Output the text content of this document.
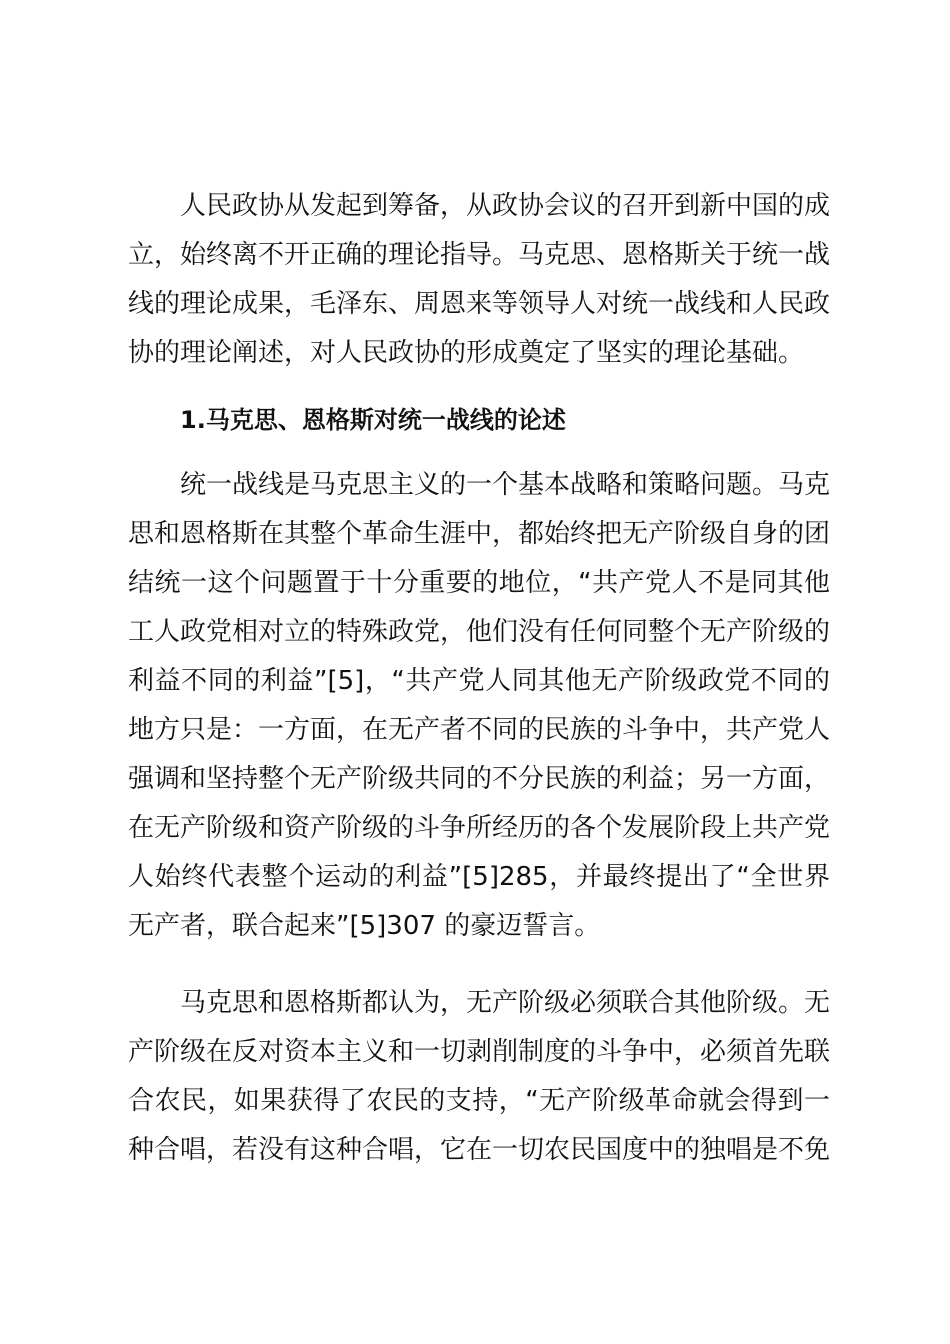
人民政协从发起到筹备，从政协会议的召开到新中国的成
立，始终离不开正确的理论指导。马克思、恩格斯关于统一战
线的理论成果，毛泽东、周恩来等领导人对统一战线和人民政
协的理论阐述，对人民政协的形成奠定了坚实的理论基础。
1.马克思、恩格斯对统一战线的论述
统一战线是马克思主义的一个基本战略和策略问题。马克
思和恩格斯在其整个革命生涯中，都始终把无产阶级自身的团
结统一这个问题置于十分重要的地位，“共产党人不是同其他
工人政党相对立的特殊政党，他们没有任何同整个无产阶级的
利益不同的利益”[5]，“共产党人同其他无产阶级政党不同的
地方只是：一方面，在无产者不同的民族的斗争中，共产党人
强调和坚持整个无产阶级共同的不分民族的利益；另一方面，
在无产阶级和资产阶级的斗争所经历的各个发展阶段上共产党
人始终代表整个运动的利益”[5]285，并最终提出了“全世界
无产者，联合起来”[5]307 的豪迈誓言。
马克思和恩格斯都认为，无产阶级必须联合其他阶级。无
产阶级在反对资本主义和一切剥削制度的斗争中，必须首先联
合农民，如果获得了农民的支持，“无产阶级革命就会得到一
种合唱，若没有这种合唱，它在一切农民国度中的独唱是不免
